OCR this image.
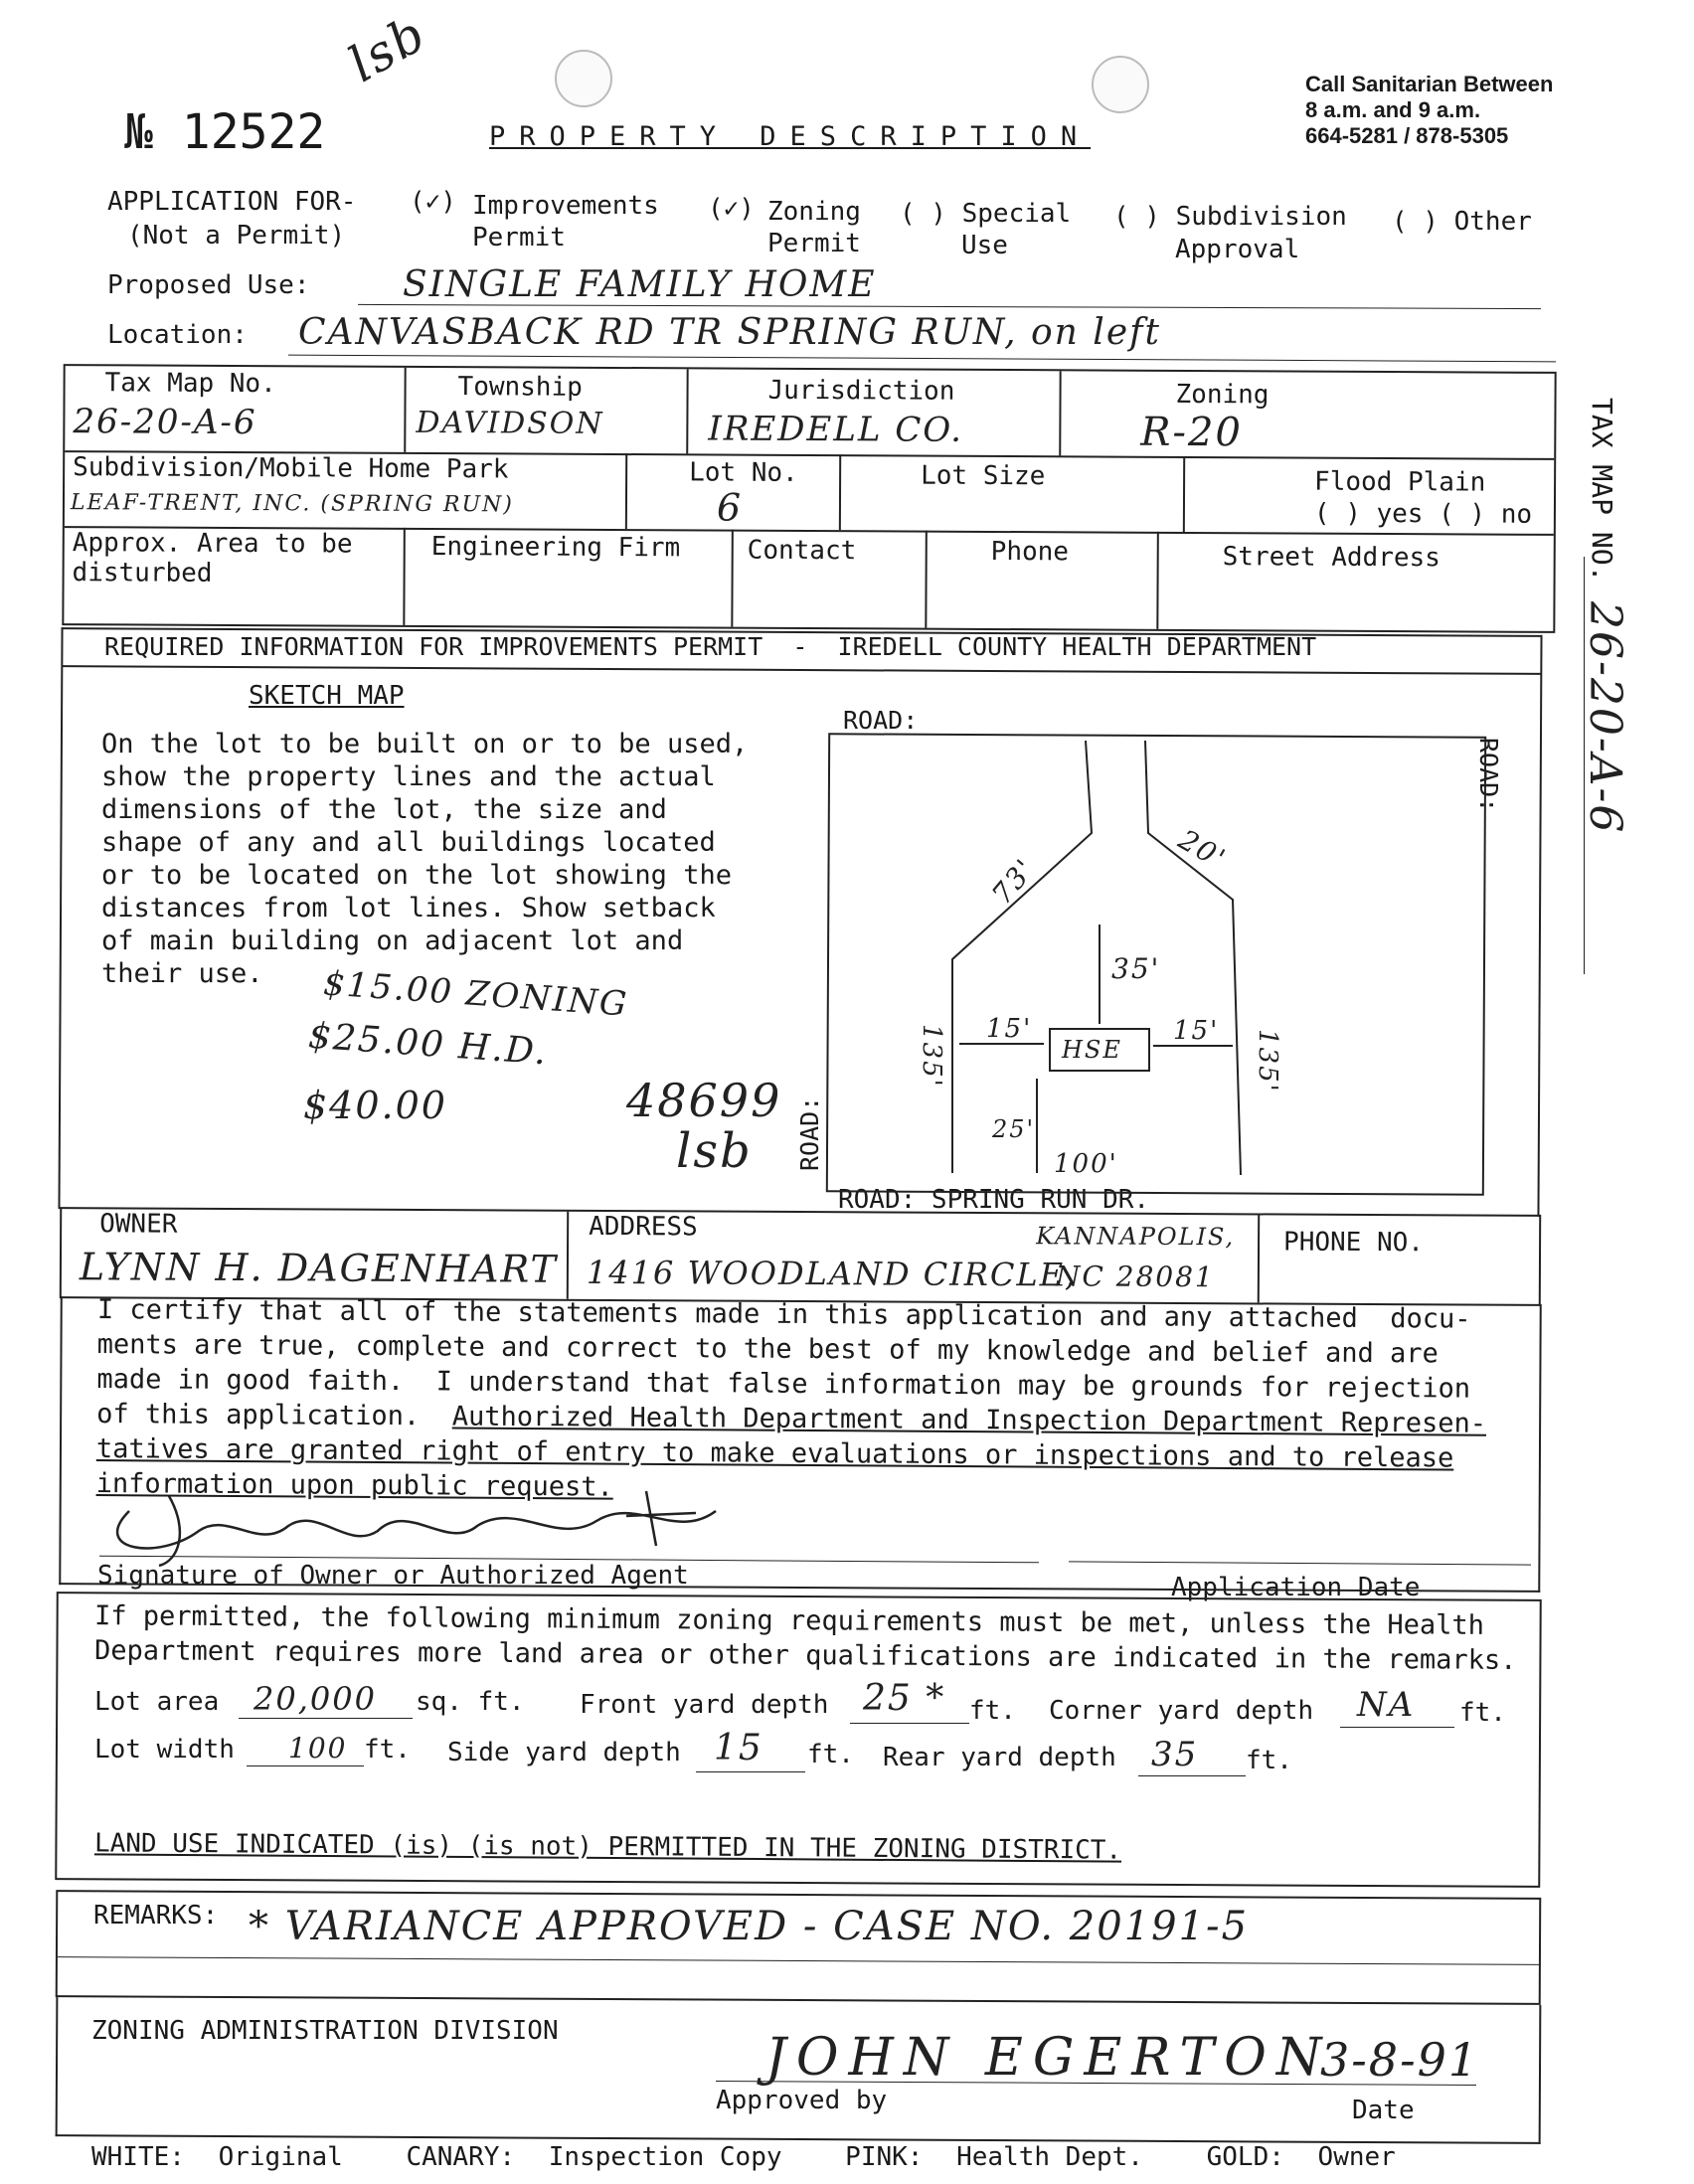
lsb
№ 12522	PROPERTY DESCRIPTION
Call Sanitarian Between
8 a.m. and 9 a.m.
664-5281 / 878-5305
APPLICATION FOR-
(Not a Permit)
(✓) Improvements
Permit
(✓) Zoning
Permit
( ) Special
Use
( ) Subdivision
Approval
( ) Other
Proposed Use:	SINGLE FAMILY HOME
Location: CANVASBACK RD TR SPRING RUN, on left
Tax Map No.
26-20-A-6
Township
DAVIDSON
Jurisdiction
IREDELL CO.
Zoning
R-20
Subdivision/Mobile Home Park
LEAF-TRENT, INC. (SPRING RUN)
Lot No.
6
Lot Size	Flood Plain
( ) yes ( ) no
Approx. Area to be
disturbed
Engineering Firm	Contact	Phone	Street Address	TAX MAP NO.
26-20-A-6
REQUIRED INFORMATION FOR IMPROVEMENTS PERMIT  -  IREDELL COUNTY HEALTH DEPARTMENT
SKETCH MAP
On the lot to be built on or to be used,
show the property lines and the actual
dimensions of the lot, the size and
shape of any and all buildings located
or to be located on the lot showing the
distances from lot lines. Show setback
of main building on adjacent lot and
their use.	$15.00 ZONING
$25.00 H.D.
$40.00	48699
lsb
ROAD:
ROAD:
ROAD:
ROAD: SPRING RUN DR.
73'
20'
35'
15'	15'
135'	135'
HSE
25'
100'
OWNER
LYNN H. DAGENHART
ADDRESS
1416 WOODLAND CIRCLE,
KANNAPOLIS,
NC 28081
PHONE NO.
I certify that all of the statements made in this application and any attached  docu-
ments are true, complete and correct to the best of my knowledge and belief and are
made in good faith.  I understand that false information may be grounds for rejection
of this application.  Authorized Health Department and Inspection Department Represen-
tatives are granted right of entry to make evaluations or inspections and to release
information upon public request.
Signature of Owner or Authorized Agent	Application Date
If permitted, the following minimum zoning requirements must be met, unless the Health
Department requires more land area or other qualifications are indicated in the remarks.
Lot area 20,000 sq. ft. Front yard depth 25 * ft. Corner yard depth NA ft.
Lot width 100 ft. Side yard depth 15 ft. Rear yard depth 35 ft.
LAND USE INDICATED (is) (is not) PERMITTED IN THE ZONING DISTRICT.
REMARKS: * VARIANCE APPROVED - CASE NO. 20191-5
ZONING ADMINISTRATION DIVISION	JOHN EGERTON
3-8-91
Approved by	Date
WHITE: Original CANARY: Inspection Copy PINK: Health Dept. GOLD: Owner
